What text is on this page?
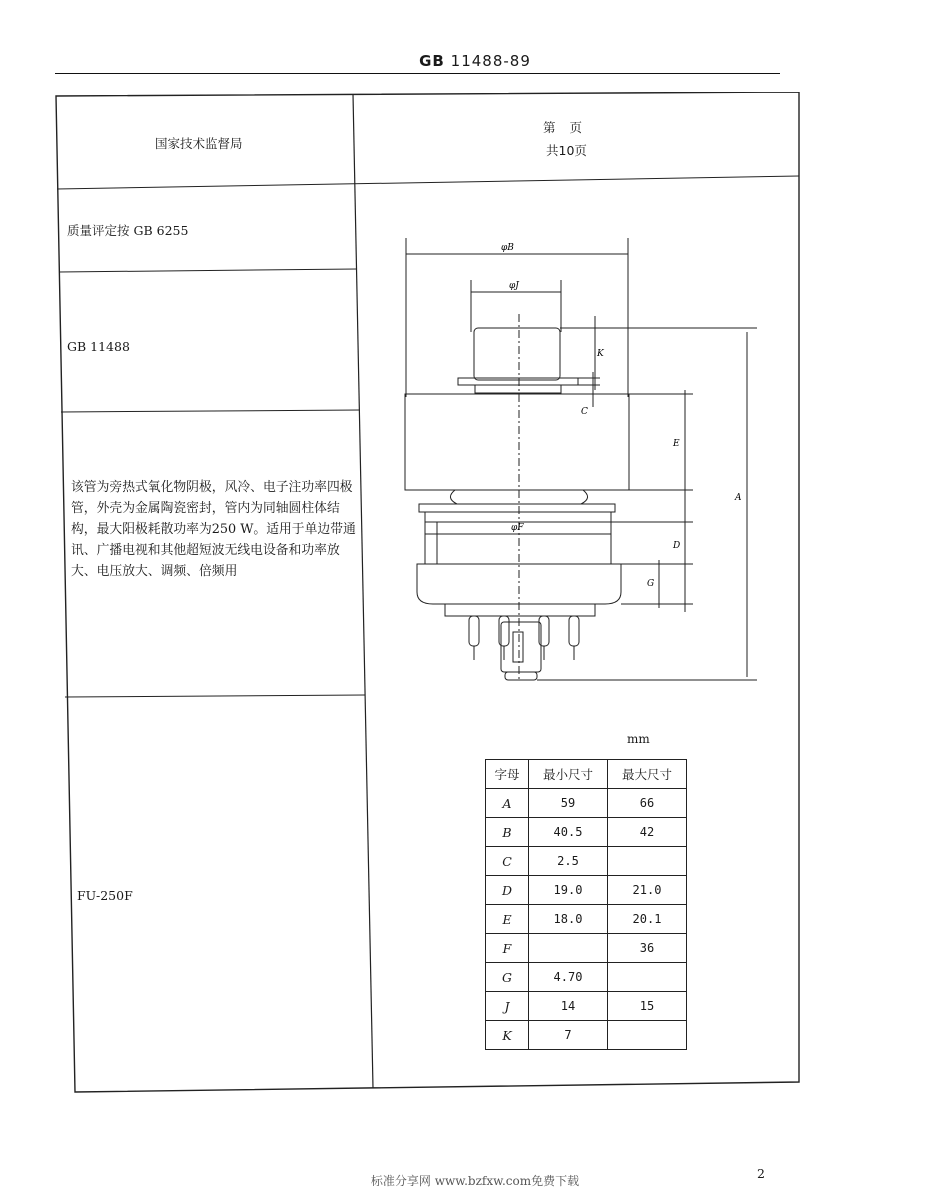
GB 11488-89
国家技术监督局
第页
共10页
质量评定按 GB 6255
GB 11488
该管为旁热式氧化物阴极，风冷、电子注功率四极管，外壳为金属陶瓷密封，管内为同轴圆柱体结构，最大阳极耗散功率为250 W。适用于单边带通讯、广播电视和其他超短波无线电设备和功率放大、电压放大、调频、倍频用
FU-250F
φB
φJ
K
C
E
A
φF
D
G
mm
字母	最小尺寸	最大尺寸
A	59	66
B	40.5	42
C	2.5	
D	19.0	21.0
E	18.0	20.1
F		36
G	4.70	
J	14	15
K	7	
标准分享网 www.bzfxw.com免费下载	2
